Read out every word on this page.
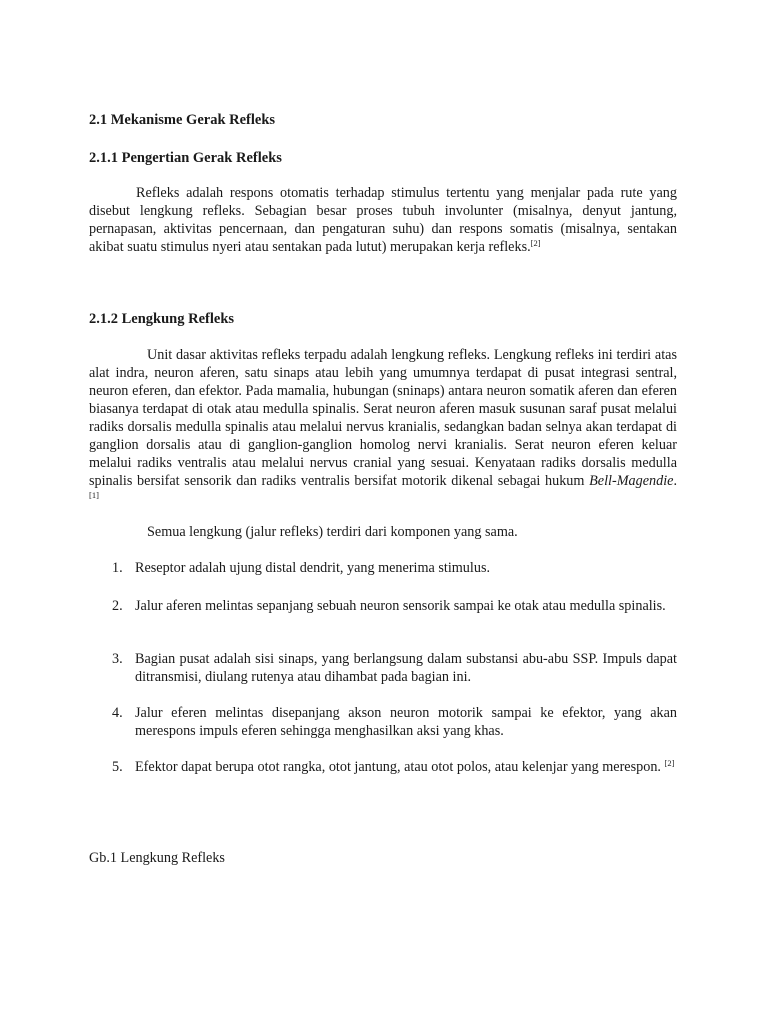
2.1 Mekanisme Gerak Refleks
2.1.1 Pengertian Gerak Refleks

Refleks adalah respons otomatis terhadap stimulus tertentu yang menjalar pada rute yang disebut lengkung refleks. Sebagian besar proses tubuh involunter (misalnya, denyut jantung, pernapasan, aktivitas pencernaan, dan pengaturan suhu) dan respons somatis (misalnya, sentakan akibat suatu stimulus nyeri atau sentakan pada lutut) merupakan kerja refleks.[2]

2.1.2 Lengkung Refleks

Unit dasar aktivitas refleks terpadu adalah lengkung refleks. Lengkung refleks ini terdiri atas alat indra, neuron aferen, satu sinaps atau lebih yang umumnya terdapat di pusat integrasi sentral, neuron eferen, dan efektor. Pada mamalia, hubungan (sninaps) antara neuron somatik aferen dan eferen biasanya terdapat di otak atau medulla spinalis. Serat neuron aferen masuk susunan saraf pusat melalui radiks dorsalis medulla spinalis atau melalui nervus kranialis, sedangkan badan selnya akan terdapat di ganglion dorsalis atau di ganglion-ganglion homolog nervi kranialis. Serat neuron eferen keluar melalui radiks ventralis atau melalui nervus cranial yang sesuai. Kenyataan radiks dorsalis medulla spinalis bersifat sensorik dan radiks ventralis bersifat motorik dikenal sebagai hukum Bell-Magendie. [1]

Semua lengkung (jalur refleks) terdiri dari komponen yang sama.
1. Reseptor adalah ujung distal dendrit, yang menerima stimulus.
2. Jalur aferen melintas sepanjang sebuah neuron sensorik sampai ke otak atau medulla spinalis.
3. Bagian pusat adalah sisi sinaps, yang berlangsung dalam substansi abu-abu SSP. Impuls dapat ditransmisi, diulang rutenya atau dihambat pada bagian ini.
4. Jalur eferen melintas disepanjang akson neuron motorik sampai ke efektor, yang akan merespons impuls eferen sehingga menghasilkan aksi yang khas.
5. Efektor dapat berupa otot rangka, otot jantung, atau otot polos, atau kelenjar yang merespon. [2]
Gb.1 Lengkung Refleks
